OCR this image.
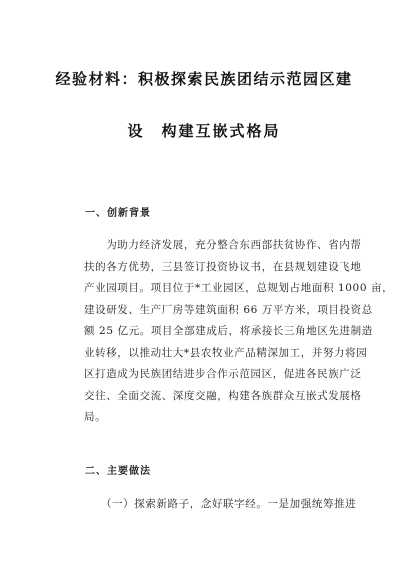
经验材料：积极探索民族团结示范园区建
设　构建互嵌式格局
一、创新背景

　　为助力经济发展，充分整合东西部扶贫协作、省内帮
扶的各方优势，三县签订投资协议书，在县规划建设飞地
产业园项目。项目位于*工业园区，总规划占地面积 1000 亩，
建设研发、生产厂房等建筑面积 66 万平方米，项目投资总
额 25 亿元。项目全部建成后，将承接长三角地区先进制造
业转移，以推动壮大*县农牧业产品精深加工，并努力将园
区打造成为民族团结进步合作示范园区，促进各民族广泛
交往、全面交流、深度交融，构建各族群众互嵌式发展格
局。

二、主要做法

　　（一）探索新路子，念好联字经。一是加强统筹推进
